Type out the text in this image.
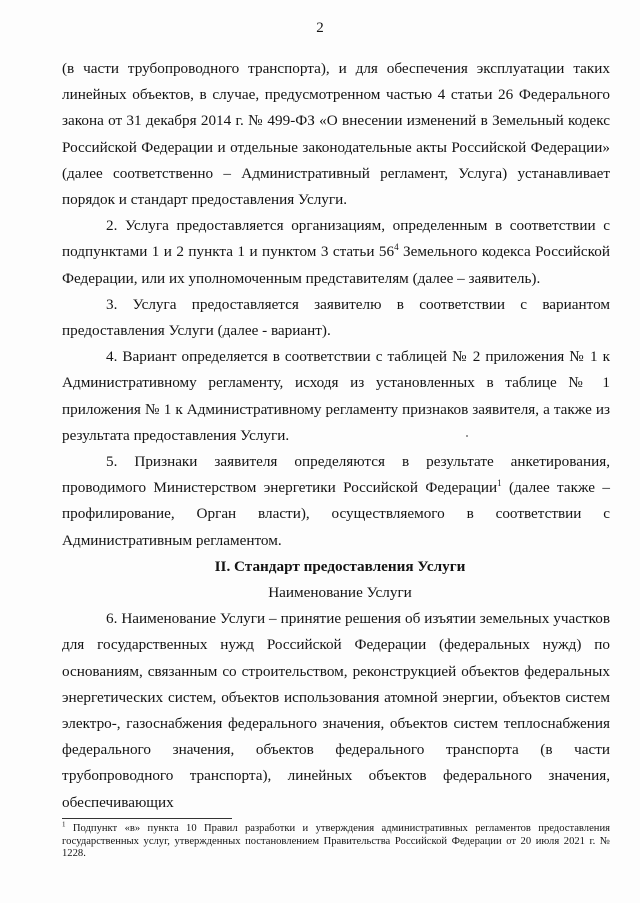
2

(в части трубопроводного транспорта), и для обеспечения эксплуатации таких линейных объектов, в случае, предусмотренном частью 4 статьи 26 Федерального закона от 31 декабря 2014 г. № 499-ФЗ «О внесении изменений в Земельный кодекс Российской Федерации и отдельные законодательные акты Российской Федерации» (далее соответственно – Административный регламент, Услуга) устанавливает порядок и стандарт предоставления Услуги.

2. Услуга предоставляется организациям, определенным в соответствии с подпунктами 1 и 2 пункта 1 и пунктом 3 статьи $56^4$ Земельного кодекса Российской Федерации, или их уполномоченным представителям (далее – заявитель).

3. Услуга предоставляется заявителю в соответствии с вариантом предоставления Услуги (далее - вариант).

4. Вариант определяется в соответствии с таблицей № 2 приложения № 1 к Административному регламенту, исходя из установленных в таблице № 1 приложения № 1 к Административному регламенту признаков заявителя, а также из результата предоставления Услуги.

5. Признаки заявителя определяются в результате анкетирования, проводимого Министерством энергетики Российской Федерации$^1$ (далее также – профилирование, Орган власти), осуществляемого в соответствии с Административным регламентом.

II. Стандарт предоставления Услуги

Наименование Услуги

6. Наименование Услуги – принятие решения об изъятии земельных участков для государственных нужд Российской Федерации (федеральных нужд) по основаниям, связанным со строительством, реконструкцией объектов федеральных энергетических систем, объектов использования атомной энергии, объектов систем электро-, газоснабжения федерального значения, объектов систем теплоснабжения федерального значения, объектов федерального транспорта (в части трубопроводного транспорта), линейных объектов федерального значения, обеспечивающих

$^1$ Подпункт «в» пункта 10 Правил разработки и утверждения административных регламентов предоставления государственных услуг, утвержденных постановлением Правительства Российской Федерации от 20 июля 2021 г. № 1228.
